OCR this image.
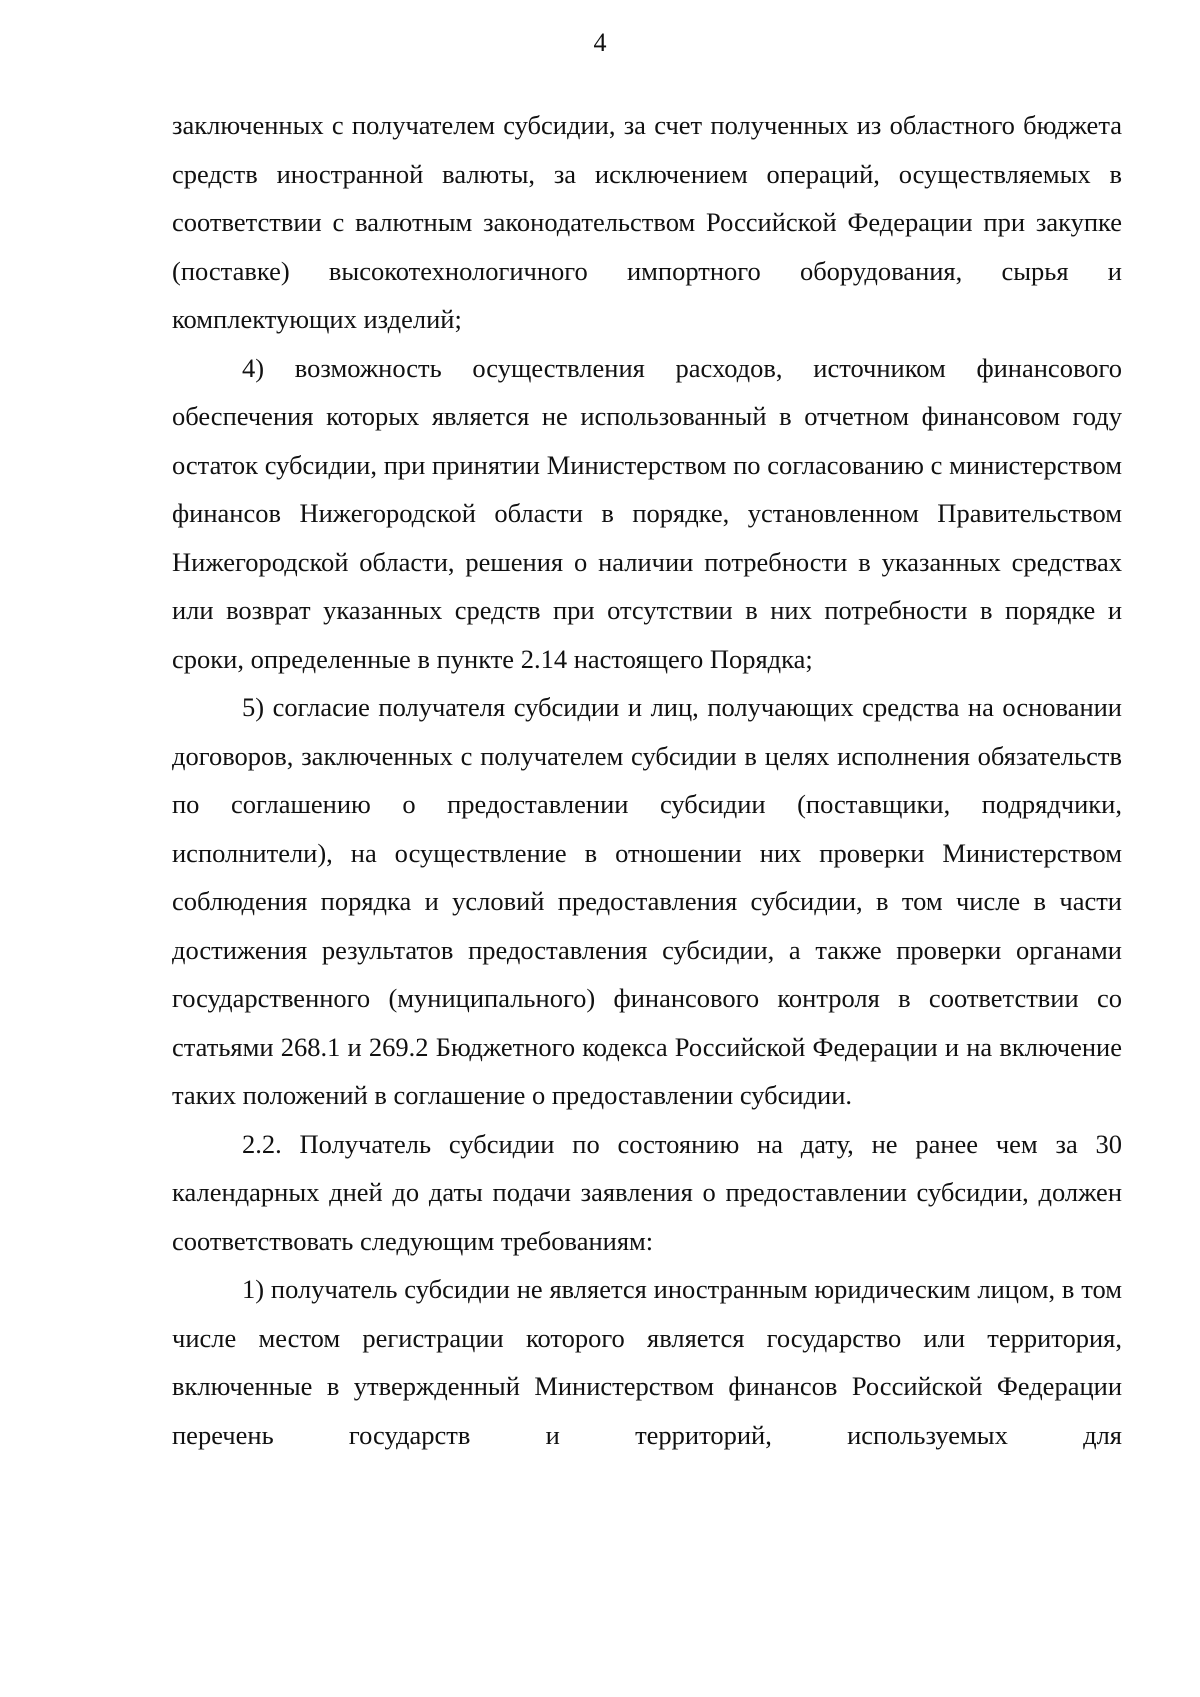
4

заключенных с получателем субсидии, за счет полученных из областного бюджета средств иностранной валюты, за исключением операций, осуществляемых в соответствии с валютным законодательством Российской Федерации при закупке (поставке) высокотехнологичного импортного оборудования, сырья и комплектующих изделий;

4) возможность осуществления расходов, источником финансового обеспечения которых является не использованный в отчетном финансовом году остаток субсидии, при принятии Министерством по согласованию с министерством финансов Нижегородской области в порядке, установленном Правительством Нижегородской области, решения о наличии потребности в указанных средствах или возврат указанных средств при отсутствии в них потребности в порядке и сроки, определенные в пункте 2.14 настоящего Порядка;

5) согласие получателя субсидии и лиц, получающих средства на основании договоров, заключенных с получателем субсидии в целях исполнения обязательств по соглашению о предоставлении субсидии (поставщики, подрядчики, исполнители), на осуществление в отношении них проверки Министерством соблюдения порядка и условий предоставления субсидии, в том числе в части достижения результатов предоставления субсидии, а также проверки органами государственного (муниципального) финансового контроля в соответствии со статьями 268.1 и 269.2 Бюджетного кодекса Российской Федерации и на включение таких положений в соглашение о предоставлении субсидии.

2.2. Получатель субсидии по состоянию на дату, не ранее чем за 30 календарных дней до даты подачи заявления о предоставлении субсидии, должен соответствовать следующим требованиям:

1) получатель субсидии не является иностранным юридическим лицом, в том числе местом регистрации которого является государство или территория, включенные в утвержденный Министерством финансов Российской Федерации перечень государств и территорий, используемых для
